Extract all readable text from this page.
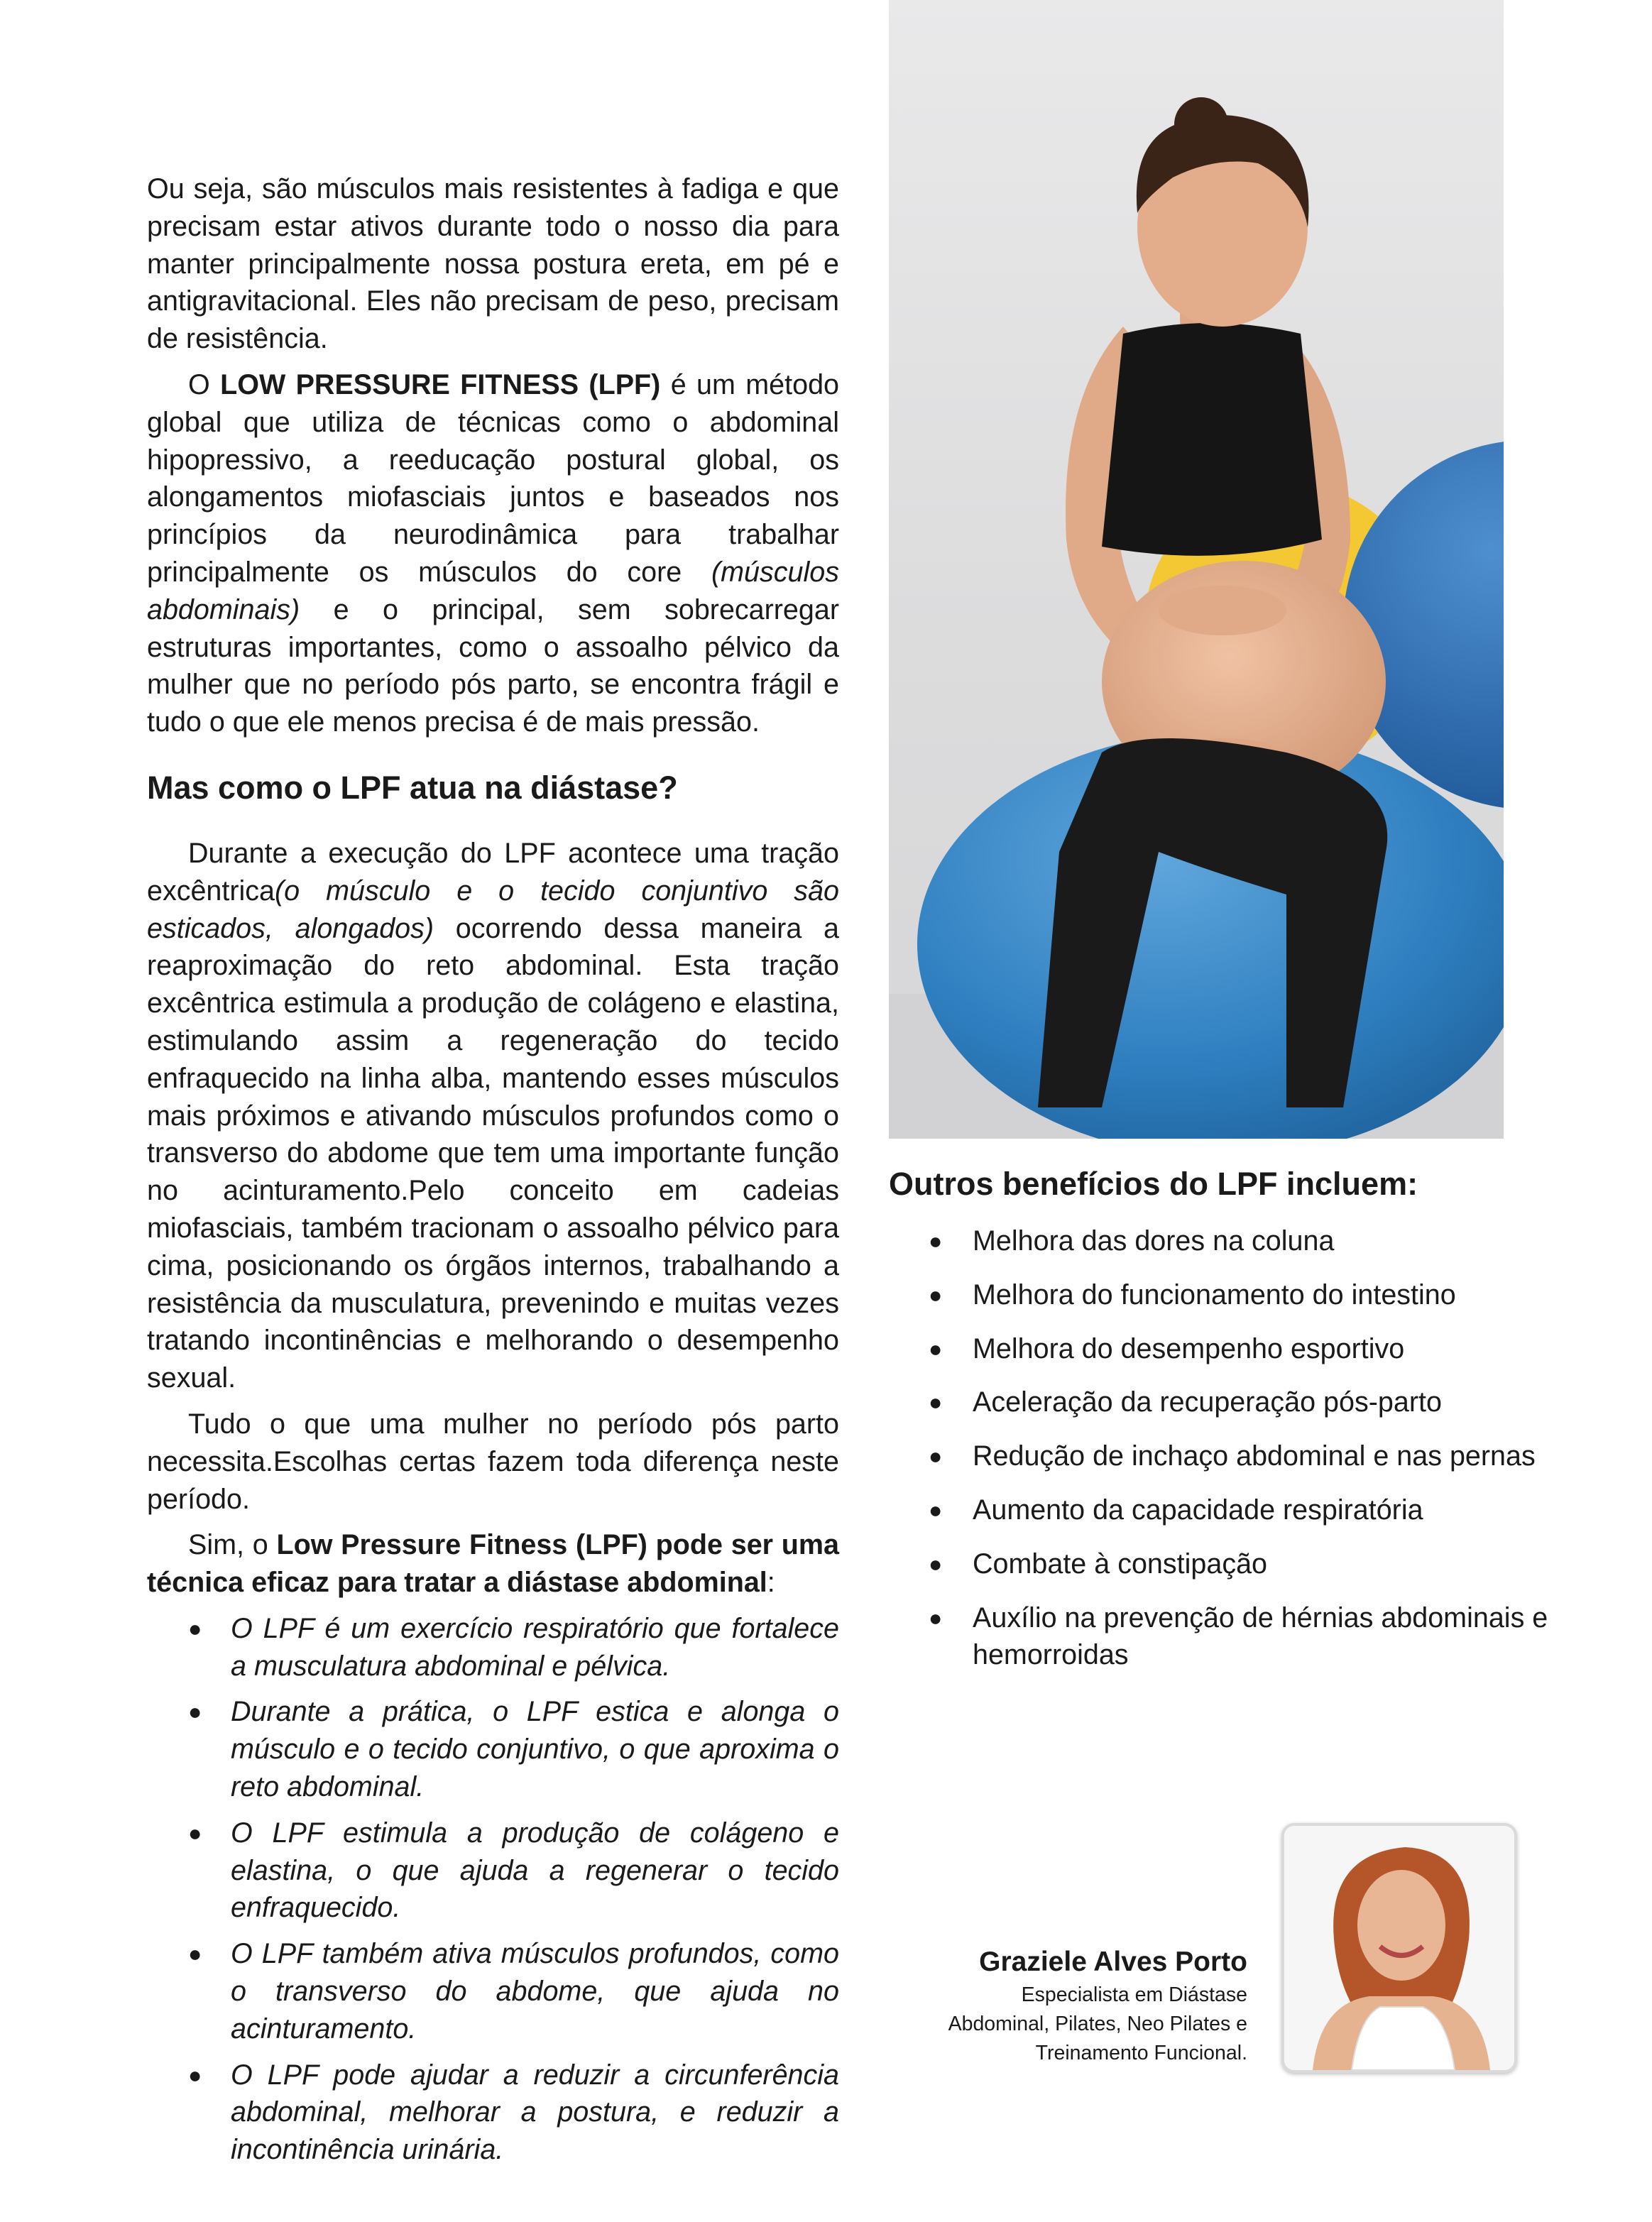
Ou seja, são músculos mais resistentes à fadiga e que precisam estar ativos durante todo o nosso dia para manter principalmente nossa postura ereta, em pé e antigravitacional. Eles não precisam de peso, precisam de resistência.

O LOW PRESSURE FITNESS (LPF) é um método global que utiliza de técnicas como o abdominal hipopressivo, a reeducação postural global, os alongamentos miofasciais juntos e baseados nos princípios da neurodinâmica para trabalhar principalmente os músculos do core (músculos abdominais) e o principal, sem sobrecarregar estruturas importantes, como o assoalho pélvico da mulher que no período pós parto, se encontra frágil e tudo o que ele menos precisa é de mais pressão.

Mas como o LPF atua na diástase?

Durante a execução do LPF acontece uma tração excêntrica(o músculo e o tecido conjuntivo são esticados, alongados) ocorrendo dessa maneira a reaproximação do reto abdominal. Esta tração excêntrica estimula a produção de colágeno e elastina, estimulando assim a regeneração do tecido enfraquecido na linha alba, mantendo esses músculos mais próximos e ativando músculos profundos como o transverso do abdome que tem uma importante função no acinturamento.Pelo conceito em cadeias miofasciais, também tracionam o assoalho pélvico para cima, posicionando os órgãos internos, trabalhando a resistência da musculatura, prevenindo e muitas vezes tratando incontinências e melhorando o desempenho sexual.

Tudo o que uma mulher no período pós parto necessita.Escolhas certas fazem toda diferença neste período.

Sim, o Low Pressure Fitness (LPF) pode ser uma técnica eficaz para tratar a diástase abdominal:

● O LPF é um exercício respiratório que fortalece a musculatura abdominal e pélvica.
● Durante a prática, o LPF estica e alonga o músculo e o tecido conjuntivo, o que aproxima o reto abdominal.
● O LPF estimula a produção de colágeno e elastina, o que ajuda a regenerar o tecido enfraquecido.
● O LPF também ativa músculos profundos, como o transverso do abdome, que ajuda no acinturamento.
● O LPF pode ajudar a reduzir a circunferência abdominal, melhorar a postura, e reduzir a incontinência urinária.
Outros benefícios do LPF incluem:
● Melhora das dores na coluna
● Melhora do funcionamento do intestino
● Melhora do desempenho esportivo
● Aceleração da recuperação pós-parto
● Redução de inchaço abdominal e nas pernas
● Aumento da capacidade respiratória
● Combate à constipação
● Auxílio na prevenção de hérnias abdominais e hemorroidas
Graziele Alves Porto
Especialista em Diástase
Abdominal, Pilates, Neo Pilates e
Treinamento Funcional.
